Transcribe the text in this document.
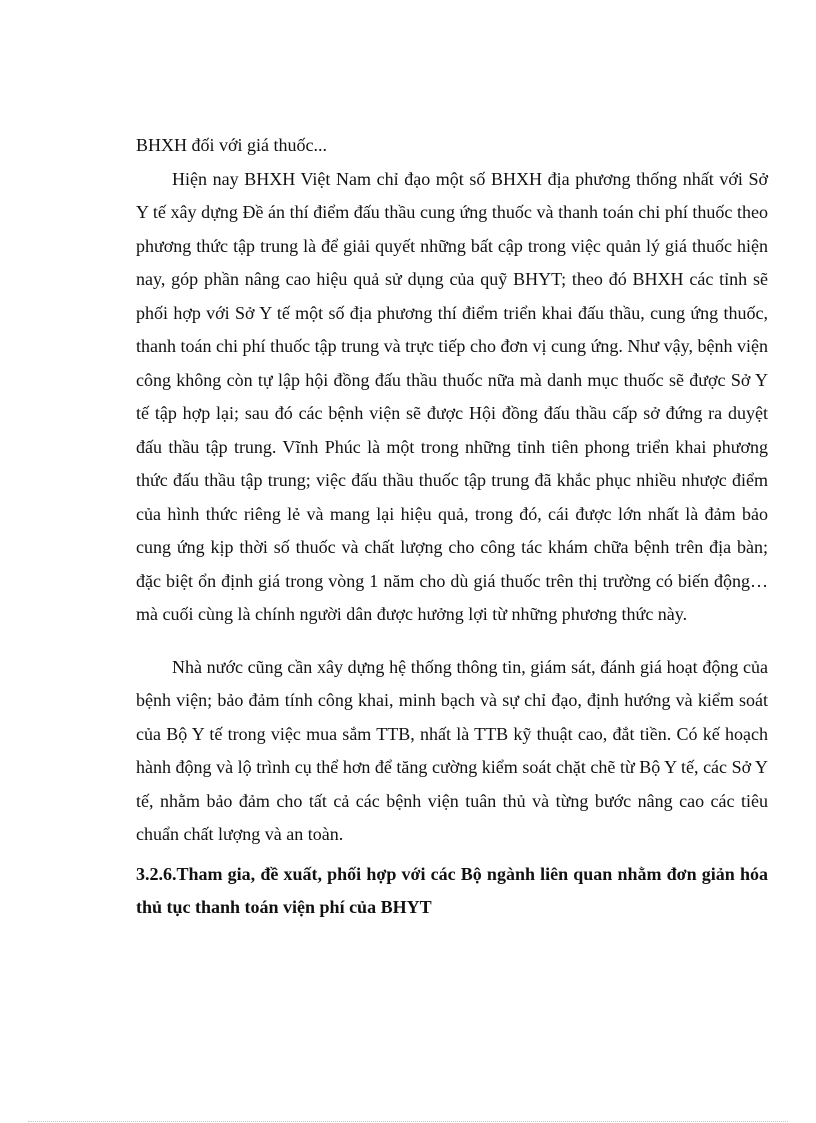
BHXH đối với giá thuốc...

Hiện nay BHXH Việt Nam chỉ đạo một số BHXH địa phương thống nhất với Sở Y tế xây dựng Đề án thí điểm đấu thầu cung ứng thuốc và thanh toán chi phí thuốc theo phương thức tập trung là để giải quyết những bất cập trong việc quản lý giá thuốc hiện nay, góp phần nâng cao hiệu quả sử dụng của quỹ BHYT; theo đó BHXH các tỉnh sẽ phối hợp với Sở Y tế một số địa phương thí điểm triển khai đấu thầu, cung ứng thuốc, thanh toán chi phí thuốc tập trung và trực tiếp cho đơn vị cung ứng. Như vậy, bệnh viện công không còn tự lập hội đồng đấu thầu thuốc nữa mà danh mục thuốc sẽ được Sở Y tế tập hợp lại; sau đó các bệnh viện sẽ được Hội đồng đấu thầu cấp sở đứng ra duyệt đấu thầu tập trung. Vĩnh Phúc là một trong những tỉnh tiên phong triển khai phương thức đấu thầu tập trung; việc đấu thầu thuốc tập trung đã khắc phục nhiều nhược điểm của hình thức riêng lẻ và mang lại hiệu quả, trong đó, cái được lớn nhất là đảm bảo cung ứng kịp thời số thuốc và chất lượng cho công tác khám chữa bệnh trên địa bàn; đặc biệt ổn định giá trong vòng 1 năm cho dù giá thuốc trên thị trường có biến động… mà cuối cùng là chính người dân được hưởng lợi từ những phương thức này.

Nhà nước cũng cần xây dựng hệ thống thông tin, giám sát, đánh giá hoạt động của bệnh viện; bảo đảm tính công khai, minh bạch và sự chỉ đạo, định hướng và kiểm soát của Bộ Y tế trong việc mua sắm TTB, nhất là TTB kỹ thuật cao, đắt tiền. Có kế hoạch hành động và lộ trình cụ thể hơn để tăng cường kiểm soát chặt chẽ từ Bộ Y tế, các Sở Y tế, nhằm bảo đảm cho tất cả các bệnh viện tuân thủ và từng bước nâng cao các tiêu chuẩn chất lượng và an toàn.

3.2.6.Tham gia, đề xuất, phối hợp với các Bộ ngành liên quan nhằm đơn giản hóa thủ tục thanh toán viện phí của BHYT
